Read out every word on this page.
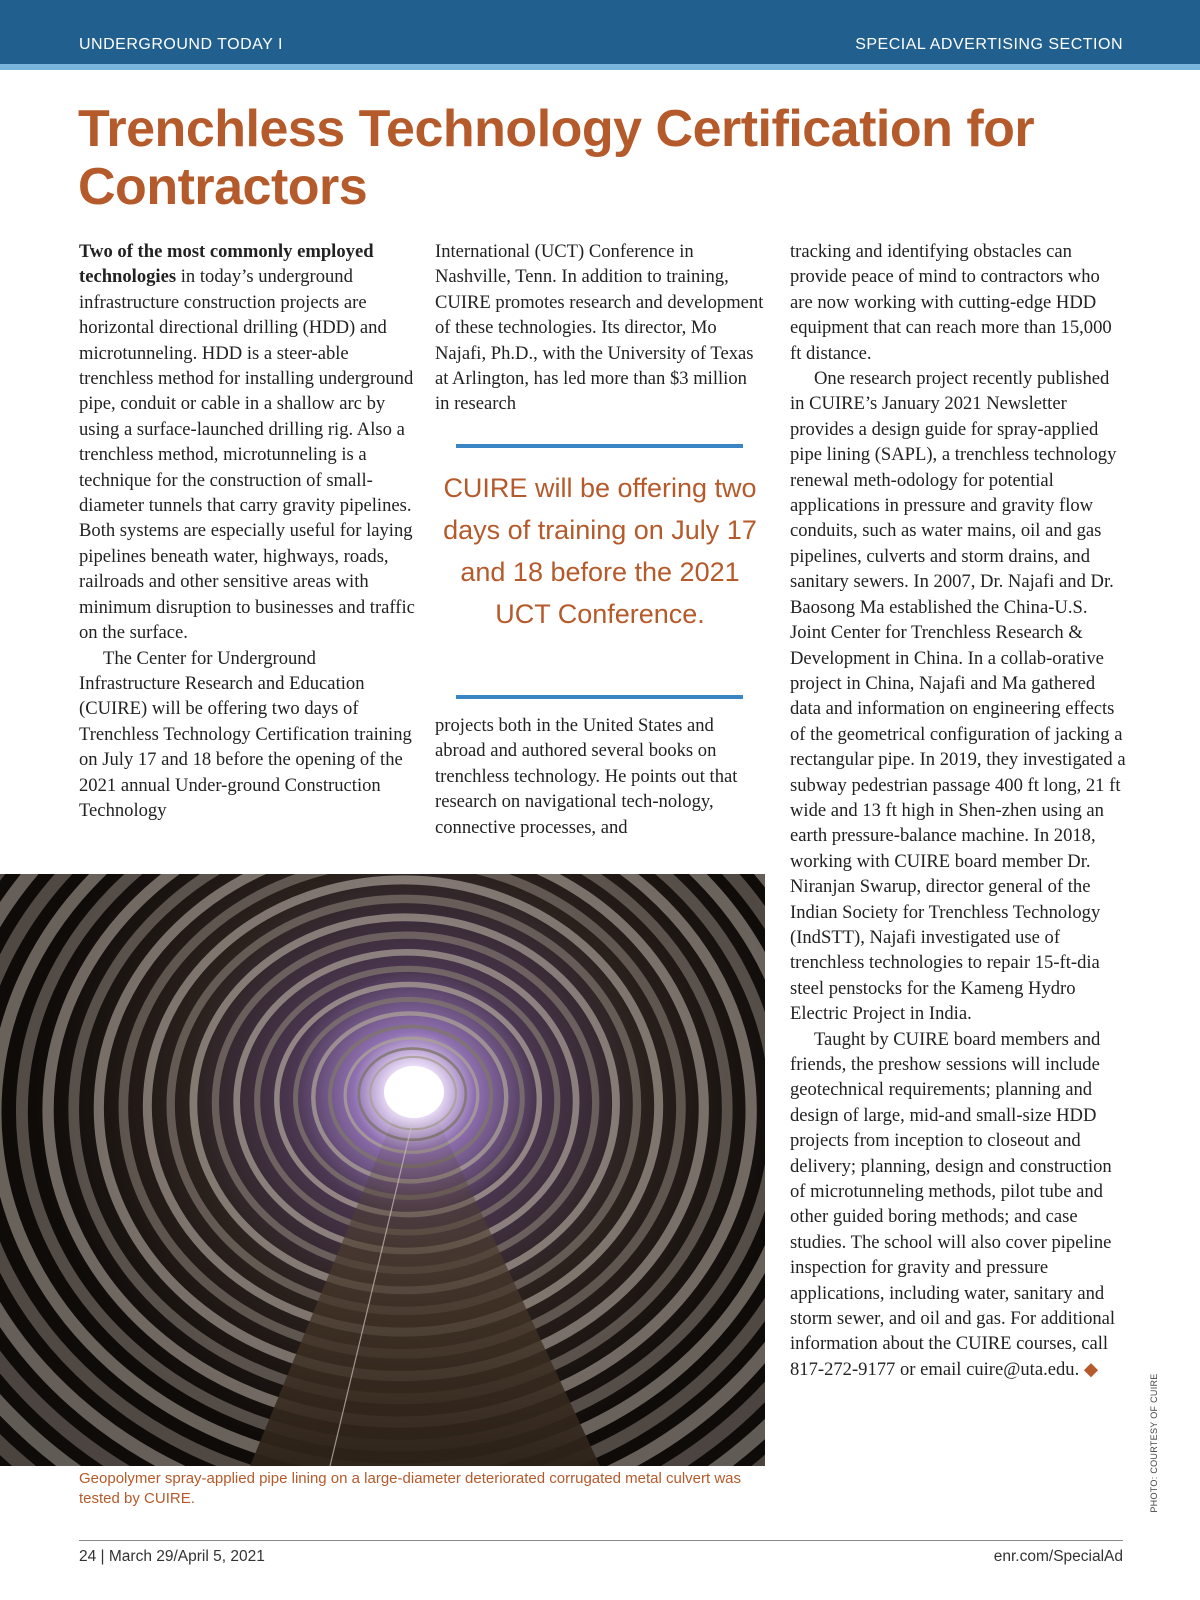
UNDERGROUND TODAY I	SPECIAL ADVERTISING SECTION
Trenchless Technology Certification for Contractors

Two of the most commonly employed technologies in today’s underground infrastructure construction projects are horizontal directional drilling (HDD) and microtunneling. HDD is a steer-able trenchless method for installing underground pipe, conduit or cable in a shallow arc by using a surface-launched drilling rig. Also a trenchless method, microtunneling is a technique for the construction of small-diameter tunnels that carry gravity pipelines. Both systems are especially useful for laying pipelines beneath water, highways, roads, railroads and other sensitive areas with minimum disruption to businesses and traffic on the surface.

The Center for Underground Infrastructure Research and Education (CUIRE) will be offering two days of Trenchless Technology Certification training on July 17 and 18 before the opening of the 2021 annual Under-ground Construction Technology

International (UCT) Conference in Nashville, Tenn. In addition to training, CUIRE promotes research and development of these technologies. Its director, Mo Najafi, Ph.D., with the University of Texas at Arlington, has led more than $3 million in research

CUIRE will be offering two days of training on July 17 and 18 before the 2021 UCT Conference.

projects both in the United States and abroad and authored several books on trenchless technology. He points out that research on navigational tech-nology, connective processes, and

tracking and identifying obstacles can provide peace of mind to contractors who are now working with cutting-edge HDD equipment that can reach more than 15,000 ft distance.

One research project recently published in CUIRE’s January 2021 Newsletter provides a design guide for spray-applied pipe lining (SAPL), a trenchless technology renewal meth-odology for potential applications in pressure and gravity flow conduits, such as water mains, oil and gas pipelines, culverts and storm drains, and sanitary sewers. In 2007, Dr. Najafi and Dr. Baosong Ma established the China-U.S. Joint Center for Trenchless Research & Development in China. In a collab-orative project in China, Najafi and Ma gathered data and information on engineering effects of the geometrical configuration of jacking a rectangular pipe. In 2019, they investigated a subway pedestrian passage 400 ft long, 21 ft wide and 13 ft high in Shen-zhen using an earth pressure-balance machine. In 2018, working with CUIRE board member Dr. Niranjan Swarup, director general of the Indian Society for Trenchless Technology (IndSTT), Najafi investigated use of trenchless technologies to repair 15-ft-dia steel penstocks for the Kameng Hydro Electric Project in India.

Taught by CUIRE board members and friends, the preshow sessions will include geotechnical requirements; planning and design of large, mid-and small-size HDD projects from inception to closeout and delivery; planning, design and construction of microtunneling methods, pilot tube and other guided boring methods; and case studies. The school will also cover pipeline inspection for gravity and pressure applications, including water, sanitary and storm sewer, and oil and gas. For additional information about the CUIRE courses, call 817-272-9177 or email cuire@uta.edu. ◆

Geopolymer spray-applied pipe lining on a large-diameter deteriorated corrugated metal culvert was tested by CUIRE.	PHOTO: COURTESY OF CUIRE
24 | March 29/April 5, 2021	enr.com/SpecialAd
